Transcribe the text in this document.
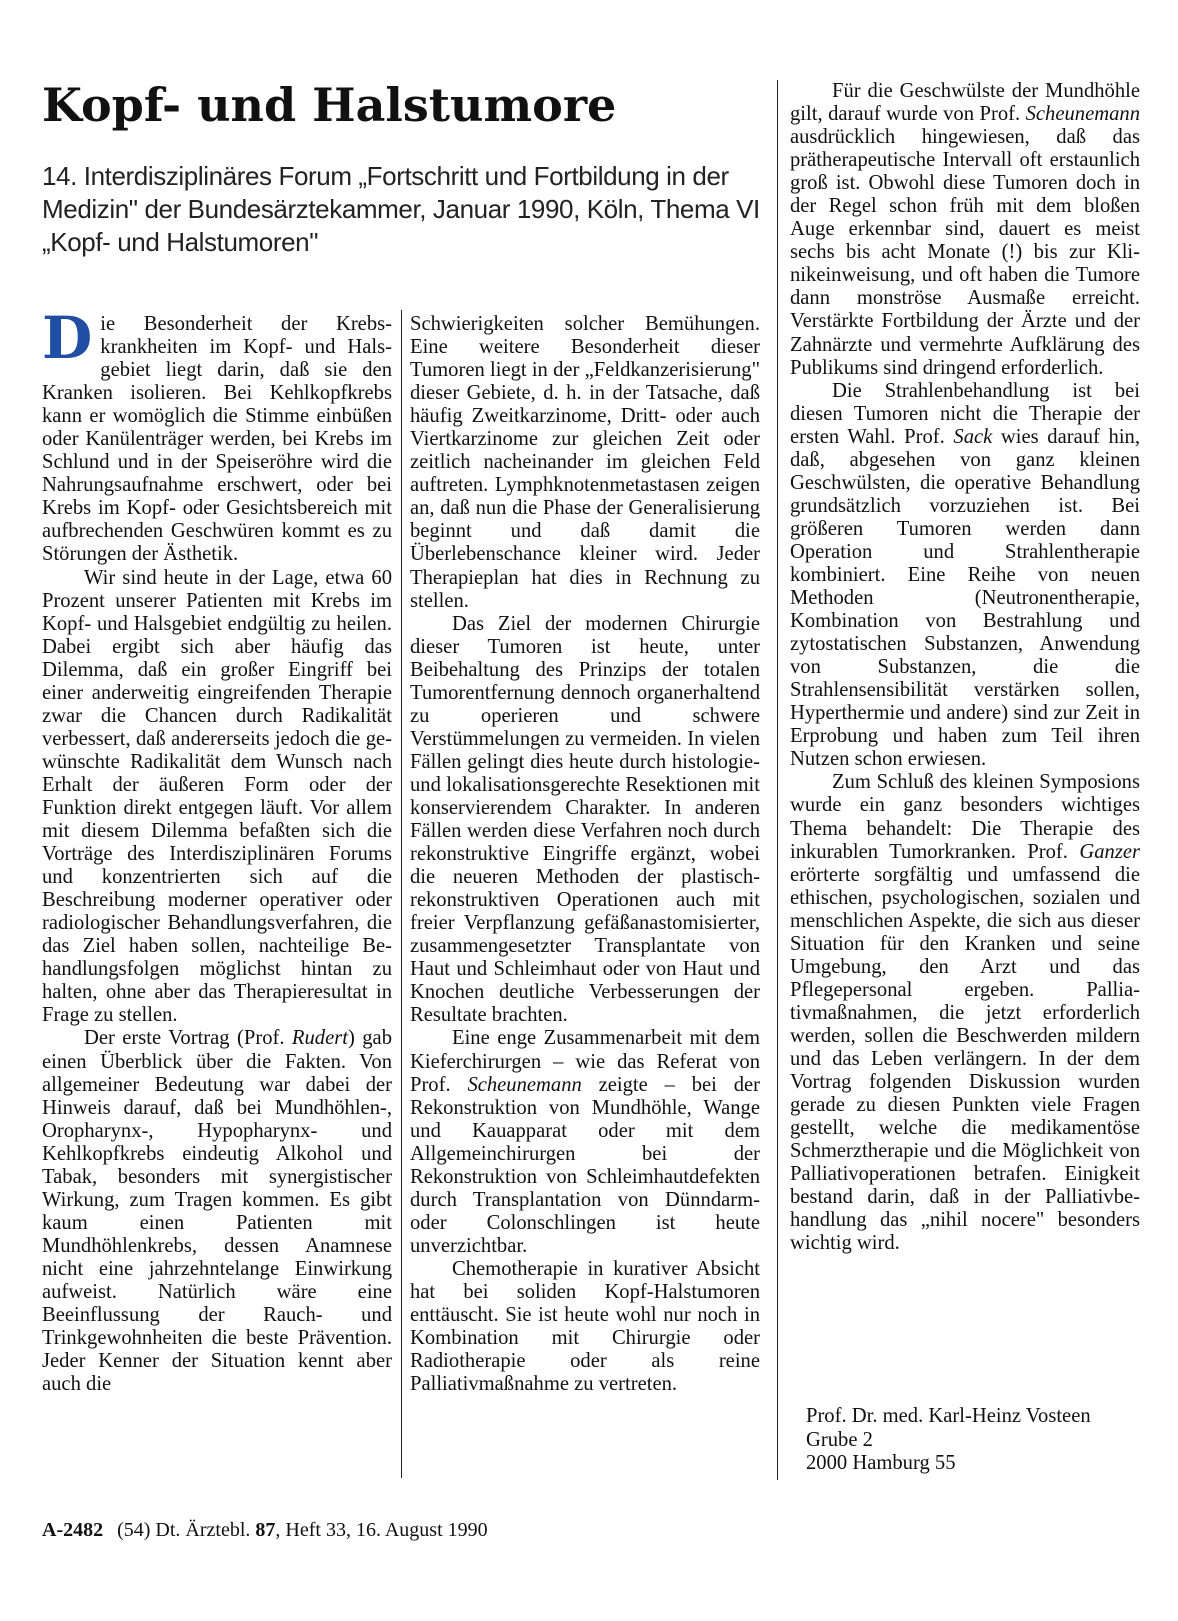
Kopf- und Halstumore
14. Interdisziplinäres Forum „Fortschritt und Fortbildung in der Medizin" der Bundesärztekammer, Januar 1990, Köln, Thema VI „Kopf- und Halstumoren"

Die Besonderheit der Krebskrankheiten im Kopf- und Halsgebiet liegt darin, daß sie den Kranken isolieren. Bei Kehlkopfkrebs kann er womöglich die Stimme einbüßen oder Kanülenträger werden, bei Krebs im Schlund und in der Speiseröhre wird die Nahrungsaufnahme erschwert, oder bei Krebs im Kopf- oder Gesichtsbereich mit aufbrechenden Geschwüren kommt es zu Störungen der Ästhetik.

Wir sind heute in der Lage, etwa 60 Prozent unserer Patienten mit Krebs im Kopf- und Halsgebiet endgültig zu heilen. Dabei ergibt sich aber häufig das Dilemma, daß ein großer Eingriff bei einer anderweitig eingreifenden Therapie zwar die Chancen durch Radikalität verbessert, daß andererseits jedoch die gewünschte Radikalität dem Wunsch nach Erhalt der äußeren Form oder der Funktion direkt entgegen läuft. Vor allem mit diesem Dilemma befaßten sich die Vorträge des Interdisziplinären Forums und konzentrierten sich auf die Beschreibung moderner operativer oder radiologischer Behandlungsverfahren, die das Ziel haben sollen, nachteilige Behandlungsfolgen möglichst hintan zu halten, ohne aber das Therapieresultat in Frage zu stellen.

Der erste Vortrag (Prof. Rudert) gab einen Überblick über die Fakten. Von allgemeiner Bedeutung war dabei der Hinweis darauf, daß bei Mundhöhlen-, Oropharynx-, Hypopharynx- und Kehlkopfkrebs eindeutig Alkohol und Tabak, besonders mit synergistischer Wirkung, zum Tragen kommen. Es gibt kaum einen Patienten mit Mundhöhlenkrebs, dessen Anamnese nicht eine jahrzehntelange Einwirkung aufweist. Natürlich wäre eine Beeinflussung der Rauch- und Trinkgewohnheiten die beste Prävention. Jeder Kenner der Situation kennt aber auch die

Schwierigkeiten solcher Bemühungen. Eine weitere Besonderheit dieser Tumoren liegt in der „Feldkanzerisierung" dieser Gebiete, d. h. in der Tatsache, daß häufig Zweitkarzinome, Dritt- oder auch Viertkarzinome zur gleichen Zeit oder zeitlich nacheinander im gleichen Feld auftreten. Lymphknotenmetastasen zeigen an, daß nun die Phase der Generalisierung beginnt und daß damit die Überlebenschance kleiner wird. Jeder Therapieplan hat dies in Rechnung zu stellen.

Das Ziel der modernen Chirurgie dieser Tumoren ist heute, unter Beibehaltung des Prinzips der totalen Tumorentfernung dennoch organerhaltend zu operieren und schwere Verstümmelungen zu vermeiden. In vielen Fällen gelingt dies heute durch histologie- und lokalisationsgerechte Resektionen mit konservierendem Charakter. In anderen Fällen werden diese Verfahren noch durch rekonstruktive Eingriffe ergänzt, wobei die neueren Methoden der plastisch-rekonstruktiven Operationen auch mit freier Verpflanzung gefäßanastomisierter, zusammengesetzter Transplantate von Haut und Schleimhaut oder von Haut und Knochen deutliche Verbesserungen der Resultate brachten.

Eine enge Zusammenarbeit mit dem Kieferchirurgen – wie das Referat von Prof. Scheunemann zeigte – bei der Rekonstruktion von Mundhöhle, Wange und Kauapparat oder mit dem Allgemeinchirurgen bei der Rekonstruktion von Schleimhautdefekten durch Transplantation von Dünndarm- oder Colonschlingen ist heute unverzichtbar.

Chemotherapie in kurativer Absicht hat bei soliden Kopf-Halstumoren enttäuscht. Sie ist heute wohl nur noch in Kombination mit Chirurgie oder Radiotherapie oder als reine Palliativmaßnahme zu vertreten.

Für die Geschwülste der Mundhöhle gilt, darauf wurde von Prof. Scheunemann ausdrücklich hingewiesen, daß das prätherapeutische Intervall oft erstaunlich groß ist. Obwohl diese Tumoren doch in der Regel schon früh mit dem bloßen Auge erkennbar sind, dauert es meist sechs bis acht Monate (!) bis zur Klinikeinweisung, und oft haben die Tumore dann monströse Ausmaße erreicht. Verstärkte Fortbildung der Ärzte und der Zahnärzte und vermehrte Aufklärung des Publikums sind dringend erforderlich.

Die Strahlenbehandlung ist bei diesen Tumoren nicht die Therapie der ersten Wahl. Prof. Sack wies darauf hin, daß, abgesehen von ganz kleinen Geschwülsten, die operative Behandlung grundsätzlich vorzuziehen ist. Bei größeren Tumoren werden dann Operation und Strahlentherapie kombiniert. Eine Reihe von neuen Methoden (Neutronentherapie, Kombination von Bestrahlung und zytostatischen Substanzen, Anwendung von Substanzen, die die Strahlensensibilität verstärken sollen, Hyperthermie und andere) sind zur Zeit in Erprobung und haben zum Teil ihren Nutzen schon erwiesen.

Zum Schluß des kleinen Symposions wurde ein ganz besonders wichtiges Thema behandelt: Die Therapie des inkurablen Tumorkranken. Prof. Ganzer erörterte sorgfältig und umfassend die ethischen, psychologischen, sozialen und menschlichen Aspekte, die sich aus dieser Situation für den Kranken und seine Umgebung, den Arzt und das Pflegepersonal ergeben. Palliativmaßnahmen, die jetzt erforderlich werden, sollen die Beschwerden mildern und das Leben verlängern. In der dem Vortrag folgenden Diskussion wurden gerade zu diesen Punkten viele Fragen gestellt, welche die medikamentöse Schmerztherapie und die Möglichkeit von Palliativoperationen betrafen. Einigkeit bestand darin, daß in der Palliativbehandlung das „nihil nocere" besonders wichtig wird.

Prof. Dr. med. Karl-Heinz Vosteen
Grube 2
2000 Hamburg 55
A-2482 (54) Dt. Ärztebl. 87, Heft 33, 16. August 1990
